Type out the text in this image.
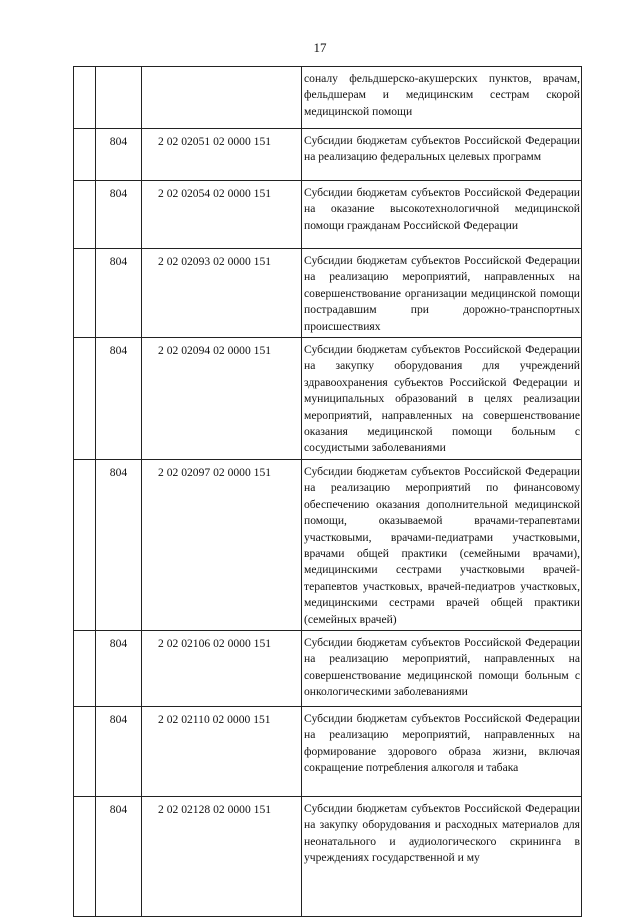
17
			соналу фельдшерско-акушерских пунктов, врачам, фельдшерам и медицинским сестрам скорой медицинской помощи
	804	2 02 02051 02 0000 151	Субсидии бюджетам субъектов Российской Федерации на реализацию федеральных целевых программ
	804	2 02 02054 02 0000 151	Субсидии бюджетам субъектов Российской Федерации на оказание высокотехнологичной медицинской помощи гражданам Российской Федерации
	804	2 02 02093 02 0000 151	Субсидии бюджетам субъектов Российской Федерации на реализацию мероприятий, направленных на совершенствование организации медицинской помощи пострадавшим при дорожно-транспортных происшествиях
	804	2 02 02094 02 0000 151	Субсидии бюджетам субъектов Российской Федерации на закупку оборудования для учреждений здравоохранения субъектов Российской Федерации и муниципальных образований в целях реализации мероприятий, направленных на совершенствование оказания медицинской помощи больным с сосудистыми заболеваниями
	804	2 02 02097 02 0000 151	Субсидии бюджетам субъектов Российской Федерации на реализацию мероприятий по финансовому обеспечению оказания дополнительной медицинской помощи, оказываемой врачами-терапевтами участковыми, врачами-педиатрами участковыми, врачами общей практики (семейными врачами), медицинскими сестрами участковыми врачей-терапевтов участковых, врачей-педиатров участковых, медицинскими сестрами врачей общей практики (семейных врачей)
	804	2 02 02106 02 0000 151	Субсидии бюджетам субъектов Российской Федерации на реализацию мероприятий, направленных на совершенствование медицинской помощи больным с онкологическими заболеваниями
	804	2 02 02110 02 0000 151	Субсидии бюджетам субъектов Российской Федерации на реализацию мероприятий, направленных на формирование здорового образа жизни, включая сокращение потребления алкоголя и табака
	804	2 02 02128 02 0000 151	Субсидии бюджетам субъектов Российской Федерации на закупку оборудования и расходных материалов для неонатального и аудиологического скрининга в учреждениях государственной и му
